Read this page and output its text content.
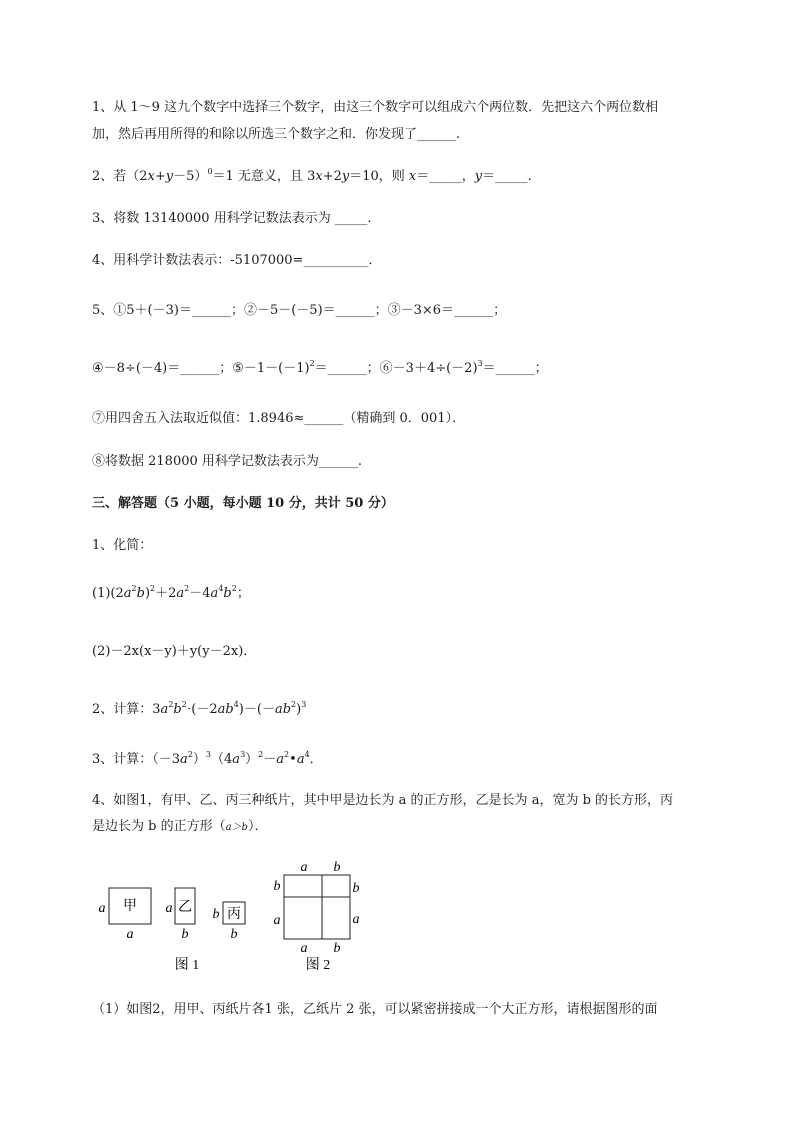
1、从 1～9 这九个数字中选择三个数字，由这三个数字可以组成六个两位数．先把这六个两位数相
加，然后再用所得的和除以所选三个数字之和．你发现了______.
2、若$(2x+y-5)^0=1$ 无意义，且 3x+2y＝10，则 x＝_____，y＝_____.
3、将数 13140000 用科学记数法表示为 _____.
4、用科学计数法表示：-5107000=__________．
5、①5＋(－3)＝______；②－5－(－5)＝______；③－3×6＝______；
④－8÷(－4)＝______；$⑤-1-(-1)^2=\_\_\_\_\_\_$；$⑥-3+4\div(-2)^3=\_\_\_\_\_\_$；
⑦用四舍五入法取近似值：1.8946≈______（精确到 0．001）．
⑧将数据 218000 用科学记数法表示为______.
三、解答题（5 小题，每小题 10 分，共计 50 分）
1、化简：
$(1)(2a^2b)^2+2a^2-4a^4b^2$；
(2)－2x(x－y)＋y(y－2x)．
2、计算：$3a^2b^2\cdot(-2ab^4)-(-ab^2)^3$
3、计算：$(-3a^2)^3(4a^3)^2-a^2•a^4$．
4、如图1，有甲、乙、丙三种纸片，其中甲是边长为 a 的正方形，乙是长为 a，宽为 b 的长方形，丙
是边长为 b 的正方形（a＞b）．
甲
a
a
乙
a
b
丙
b
b
图 1
a b
b
a
b
a
a b
图 2
（1）如图2，用甲、丙纸片各1 张，乙纸片 2 张，可以紧密拼接成一个大正方形，请根据图形的面
